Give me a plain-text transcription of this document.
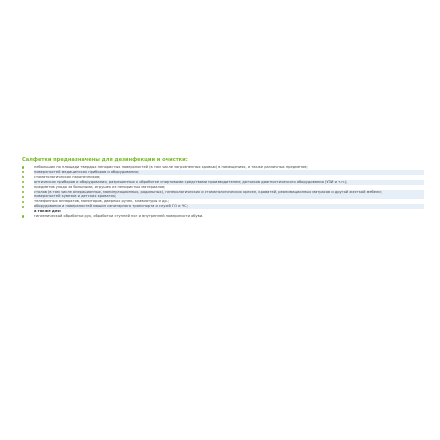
Салфетки предназначены для дезинфекции и очистки:
небольших по площади твердых непористых поверхностей (в том числе загрязненных кровью) в помещениях, а также различных предметов;
поверхностей медицинских приборов и оборудования;
стоматологических наконечников;
оптических приборов и оборудования, разрешенных к обработке спиртовыми средствами производителем; датчиков диагностического оборудования (УЗИ и т.п.);
предметов ухода за больными, игрушек из непористых материалов;
столов (в том числе операционных, манипуляционных, родильных), гинекологических и стоматологических кресел, кроватей, реанимационных матрасов и другой жесткой мебели;
поверхностей кувезов и детских кроваток;
телефонных аппаратов, мониторов, дверных ручек, клавиатуры и др.;
оборудования и поверхностей машин санитарного транспорта и служб ГО и ЧС;
а также для:
гигиенической обработки рук, обработки ступней ног и внутренней поверхности обуви.
